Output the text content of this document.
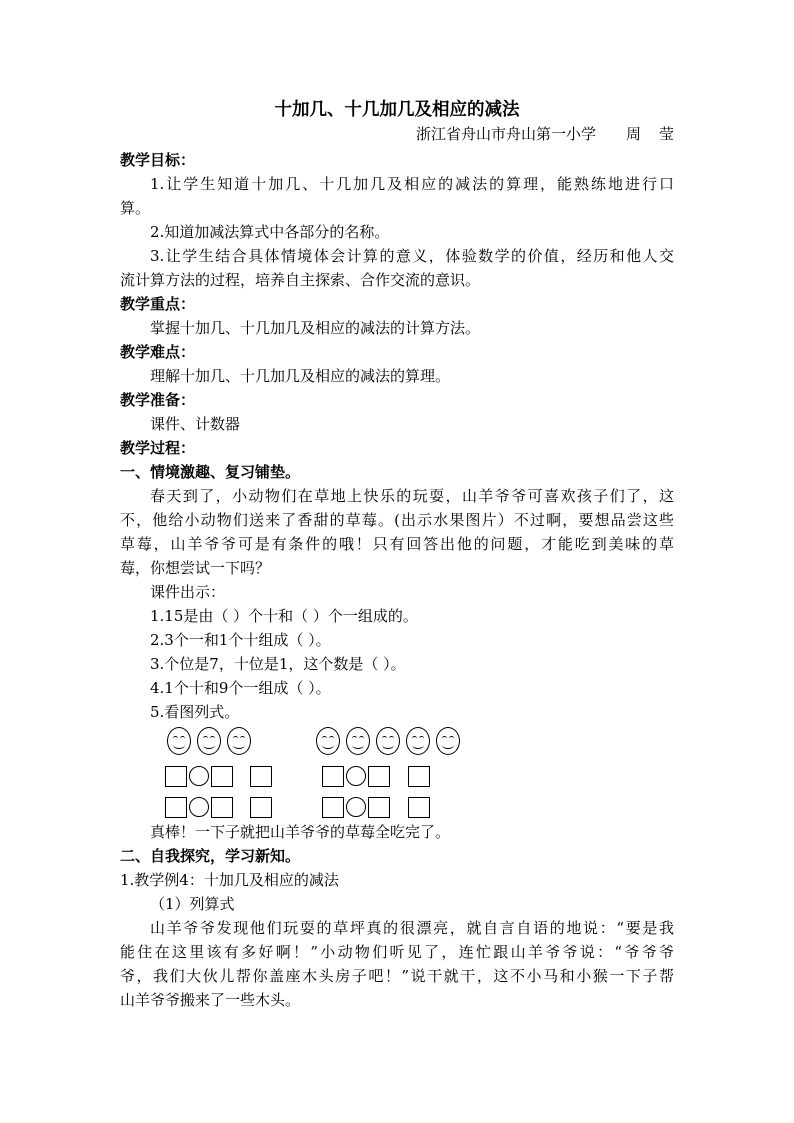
十加几、十几加几及相应的减法
浙江省舟山市舟山第一小学 周 莹
教学目标：
1.让学生知道十加几、十几加几及相应的减法的算理，能熟练地进行口
算。
2.知道加减法算式中各部分的名称。
3.让学生结合具体情境体会计算的意义，体验数学的价值，经历和他人交
流计算方法的过程，培养自主探索、合作交流的意识。
教学重点：
掌握十加几、十几加几及相应的减法的计算方法。
教学难点：
理解十加几、十几加几及相应的减法的算理。
教学准备：
课件、计数器
教学过程：
一、情境激趣、复习铺垫。
春天到了，小动物们在草地上快乐的玩耍，山羊爷爷可喜欢孩子们了，这
不，他给小动物们送来了香甜的草莓。(出示水果图片）不过啊，要想品尝这些
草莓，山羊爷爷可是有条件的哦！只有回答出他的问题，才能吃到美味的草
莓，你想尝试一下吗？
课件出示：
1.15是由（ ）个十和（ ）个一组成的。
2.3个一和1个十组成（ ）。
3.个位是7，十位是1，这个数是（ ）。
4.1个十和9个一组成（ ）。
5.看图列式。
真棒！一下子就把山羊爷爷的草莓全吃完了。
二、自我探究，学习新知。
1.教学例4：十加几及相应的减法
（1）列算式
山羊爷爷发现他们玩耍的草坪真的很漂亮，就自言自语的地说：“要是我
能住在这里该有多好啊！”小动物们听见了，连忙跟山羊爷爷说：“爷爷爷
爷，我们大伙儿帮你盖座木头房子吧！”说干就干，这不小马和小猴一下子帮
山羊爷爷搬来了一些木头。
